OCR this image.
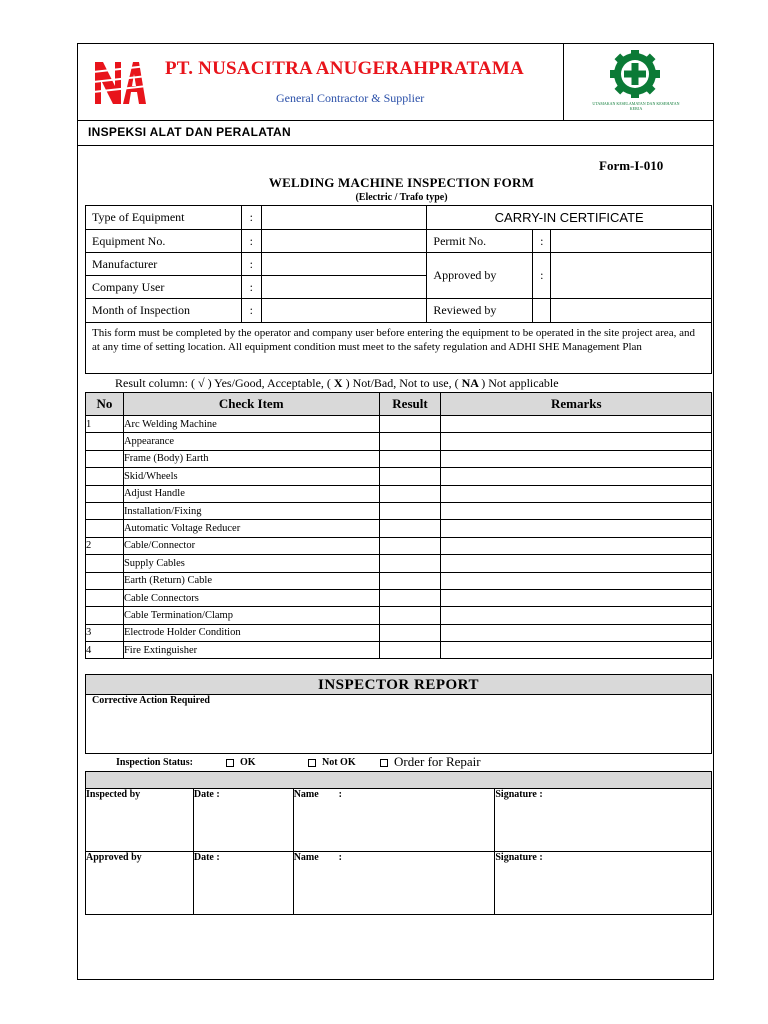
PT. NUSACITRA ANUGERAHPRATAMA
General Contractor & Supplier	UTAMAKAN KESELAMATAN DAN KESEHATAN KERJA
INSPEKSI ALAT DAN PERALATAN
Form-I-010
WELDING MACHINE INSPECTION FORM
(Electric / Trafo type)
Type of Equipment	:		CARRY-IN CERTIFICATE		
Equipment No.	:		Permit No.	:	
Manufacturer	:		Approved by	:	
Company User	:				
Month of Inspection	:		Reviewed by		
This form must be completed by the operator and company user before entering the equipment to be operated in the site project area, and at any time of setting location. All equipment condition must meet to the safety regulation and ADHI SHE Management Plan
Result column: ( √ ) Yes/Good, Acceptable, ( X ) Not/Bad, Not to use, ( NA ) Not applicable
No	Check Item	Result	Remarks
1	Arc Welding Machine		
	Appearance		
	Frame (Body) Earth		
	Skid/Wheels		
	Adjust Handle		
	Installation/Fixing		
	Automatic Voltage Reducer		
2	Cable/Connector		
	Supply Cables		
	Earth (Return) Cable		
	Cable Connectors		
	Cable Termination/Clamp		
3	Electrode Holder Condition		
4	Fire Extinguisher		
INSPECTOR REPORT
Corrective Action Required
Inspection Status:	OK	Not OK	Order for Repair
Inspected by	Date :	Name        :	Signature :
Approved by	Date :	Name        :	Signature :
